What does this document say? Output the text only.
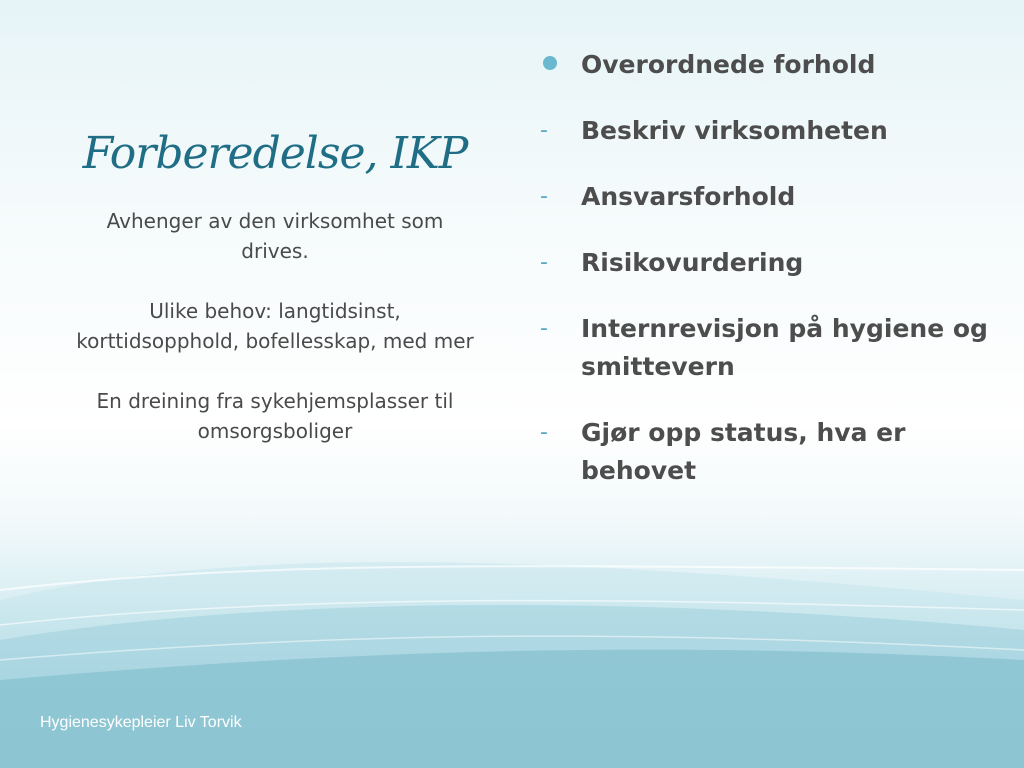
Forberedelse, IKP

Avhenger av den virksomhet som drives.

Ulike behov: langtidsinst, korttidsopphold, bofellesskap, med mer

En dreining fra sykehjemsplasser til omsorgsboliger

Overordnede forhold
- Beskriv virksomheten
- Ansvarsforhold
- Risikovurdering
- Internrevisjon på hygiene og smittevern
- Gjør opp status, hva er behovet
Hygienesykepleier Liv Torvik
